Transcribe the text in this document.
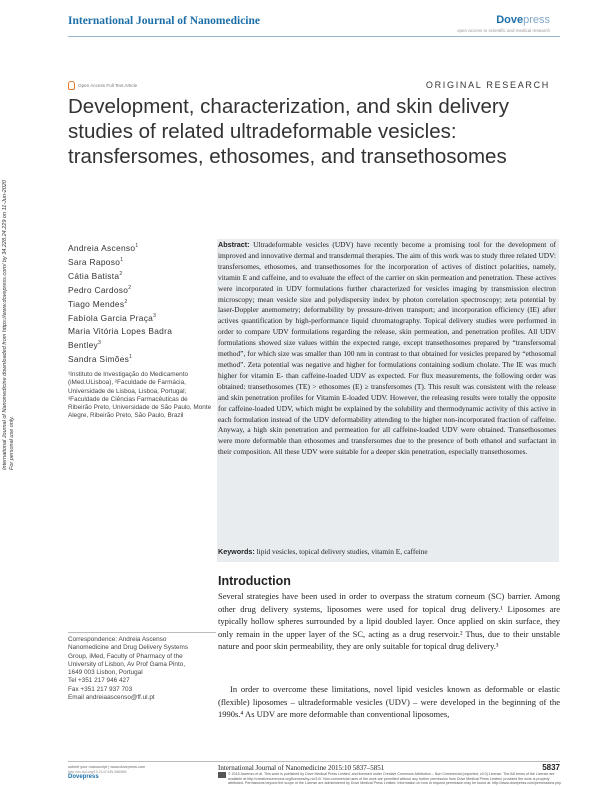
International Journal of Nanomedicine	Dovepress
open access to scientific and medical research
Open Access Full Text Article	ORIGINAL RESEARCH
Development, characterization, and skin delivery studies of related ultradeformable vesicles: transfersomes, ethosomes, and transethosomes
International Journal of Nanomedicine downloaded from https://www.dovepress.com/ by 34.228.24.229 on 11-Jun-2020 For personal use only.
Andreia Ascenso$^1$
Sara Raposo$^1$
Cátia Batista$^2$
Pedro Cardoso$^2$
Tiago Mendes$^2$
Fabíola Garcia Praça$^3$
Maria Vitória Lopes Badra
Bentley$^3$
Sandra Simões$^1$
¹Instituto de Investigação do Medicamento (iMed.ULisboa), ²Faculdade de Farmácia, Universidade de Lisboa, Lisboa, Portugal; ³Faculdade de Ciências Farmacêuticas de Ribeirão Preto, Universidade de São Paulo, Monte Alegre, Ribeirão Preto, São Paulo, Brazil
Correspondence: Andreia Ascenso
Nanomedicine and Drug Delivery Systems
Group, iMed, Faculty of Pharmacy of the
University of Lisbon, Av Prof Gama Pinto,
1649 003 Lisbon, Portugal
Tel +351 217 946 427
Fax +351 217 937 703
Email andreiaascenso@ff.ul.pt

Abstract: Ultradeformable vesicles (UDV) have recently become a promising tool for the development of improved and innovative dermal and transdermal therapies. The aim of this work was to study three related UDV: transfersomes, ethosomes, and transethosomes for the incorporation of actives of distinct polarities, namely, vitamin E and caffeine, and to evaluate the effect of the carrier on skin permeation and penetration. These actives were incorporated in UDV formulations further characterized for vesicles imaging by transmission electron microscopy; mean vesicle size and polydispersity index by photon correlation spectroscopy; zeta potential by laser-Doppler anemometry; deformability by pressure-driven transport; and incorporation efficiency (IE) after actives quantification by high-performance liquid chromatography. Topical delivery studies were performed in order to compare UDV formulations regarding the release, skin permeation, and penetration profiles. All UDV formulations showed size values within the expected range, except transethosomes prepared by “transfersomal method”, for which size was smaller than 100 nm in contrast to that obtained for vesicles prepared by “ethosomal method”. Zeta potential was negative and higher for formulations containing sodium cholate. The IE was much higher for vitamin E- than caffeine-loaded UDV as expected. For flux measurements, the following order was obtained: transethosomes (TE) > ethosomes (E) ≥ transfersomes (T). This result was consistent with the release and skin penetration profiles for Vitamin E-loaded UDV. However, the releasing results were totally the opposite for caffeine-loaded UDV, which might be explained by the solubility and thermodynamic activity of this active in each formulation instead of the UDV deformability attending to the higher non-incorporated fraction of caffeine. Anyway, a high skin penetration and permeation for all caffeine-loaded UDV were obtained. Transethosomes were more deformable than ethosomes and transfersomes due to the presence of both ethanol and surfactant in their composition. All these UDV were suitable for a deeper skin penetration, especially transethosomes.

Keywords: lipid vesicles, topical delivery studies, vitamin E, caffeine

Introduction

Several strategies have been used in order to overpass the stratum corneum (SC) barrier. Among other drug delivery systems, liposomes were used for topical drug delivery.¹ Liposomes are typically hollow spheres surrounded by a lipid doubled layer. Once applied on skin surface, they only remain in the upper layer of the SC, acting as a drug reservoir.² Thus, due to their unstable nature and poor skin permeability, they are only suitable for topical drug delivery.³

In order to overcome these limitations, novel lipid vesicles known as deformable or elastic (flexible) liposomes – ultradeformable vesicles (UDV) – were developed in the beginning of the 1990s.⁴ As UDV are more deformable than conventional liposomes,

submit your manuscript | www.dovepress.com
Dovepress
International Journal of Nanomedicine 2015:10 5837–5851	5837
© 2015 Ascenso et al. This work is published by Dove Medical Press Limited, and licensed under Creative Commons Attribution – Non Commercial (unported, v3.0) License. The full terms of the License are available at http://creativecommons.org/licenses/by-nc/3.0/. Non-commercial uses of the work are permitted without any further permission from Dove Medical Press Limited, provided the work is properly attributed. Permissions beyond the scope of the License are administered by Dove Medical Press Limited. Information on how to request permission may be found at: http://www.dovepress.com/permissions.php
http://dx.doi.org/10.2147/IJN.S86965
